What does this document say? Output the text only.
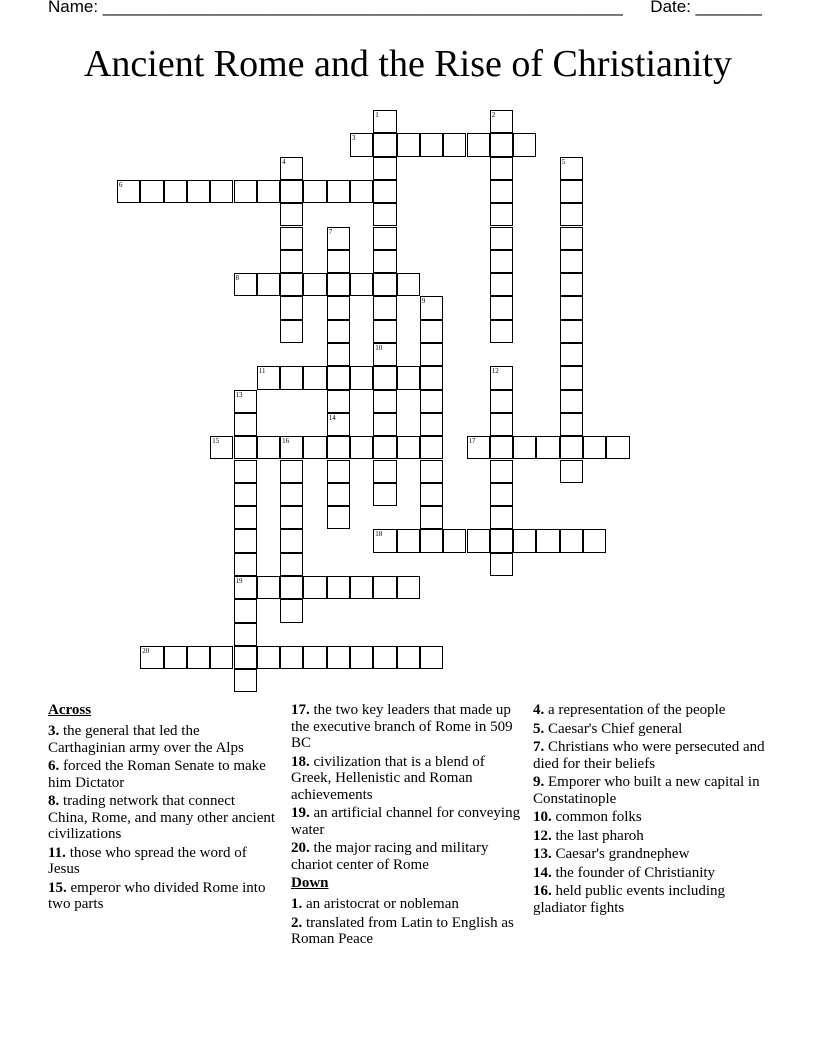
Name: _______________________________________________________ Date: _______
Ancient Rome and the Rise of Christianity
1	2
3
4	5
6
7
8
9
10
11	12
13
14
15	16	17
18
19
20
Across
3. the general that led the Carthaginian army over the Alps
6. forced the Roman Senate to make him Dictator
8. trading network that connect China, Rome, and many other ancient civilizations
11. those who spread the word of Jesus
15. emperor who divided Rome into two parts
17. the two key leaders that made up the executive branch of Rome in 509 BC
18. civilization that is a blend of Greek, Hellenistic and Roman achievements
19. an artificial channel for conveying water
20. the major racing and military chariot center of Rome
Down
1. an aristocrat or nobleman
2. translated from Latin to English as Roman Peace
4. a representation of the people
5. Caesar's Chief general
7. Christians who were persecuted and died for their beliefs
9. Emporer who built a new capital in Constatinople
10. common folks
12. the last pharoh
13. Caesar's grandnephew
14. the founder of Christianity
16. held public events including gladiator fights
